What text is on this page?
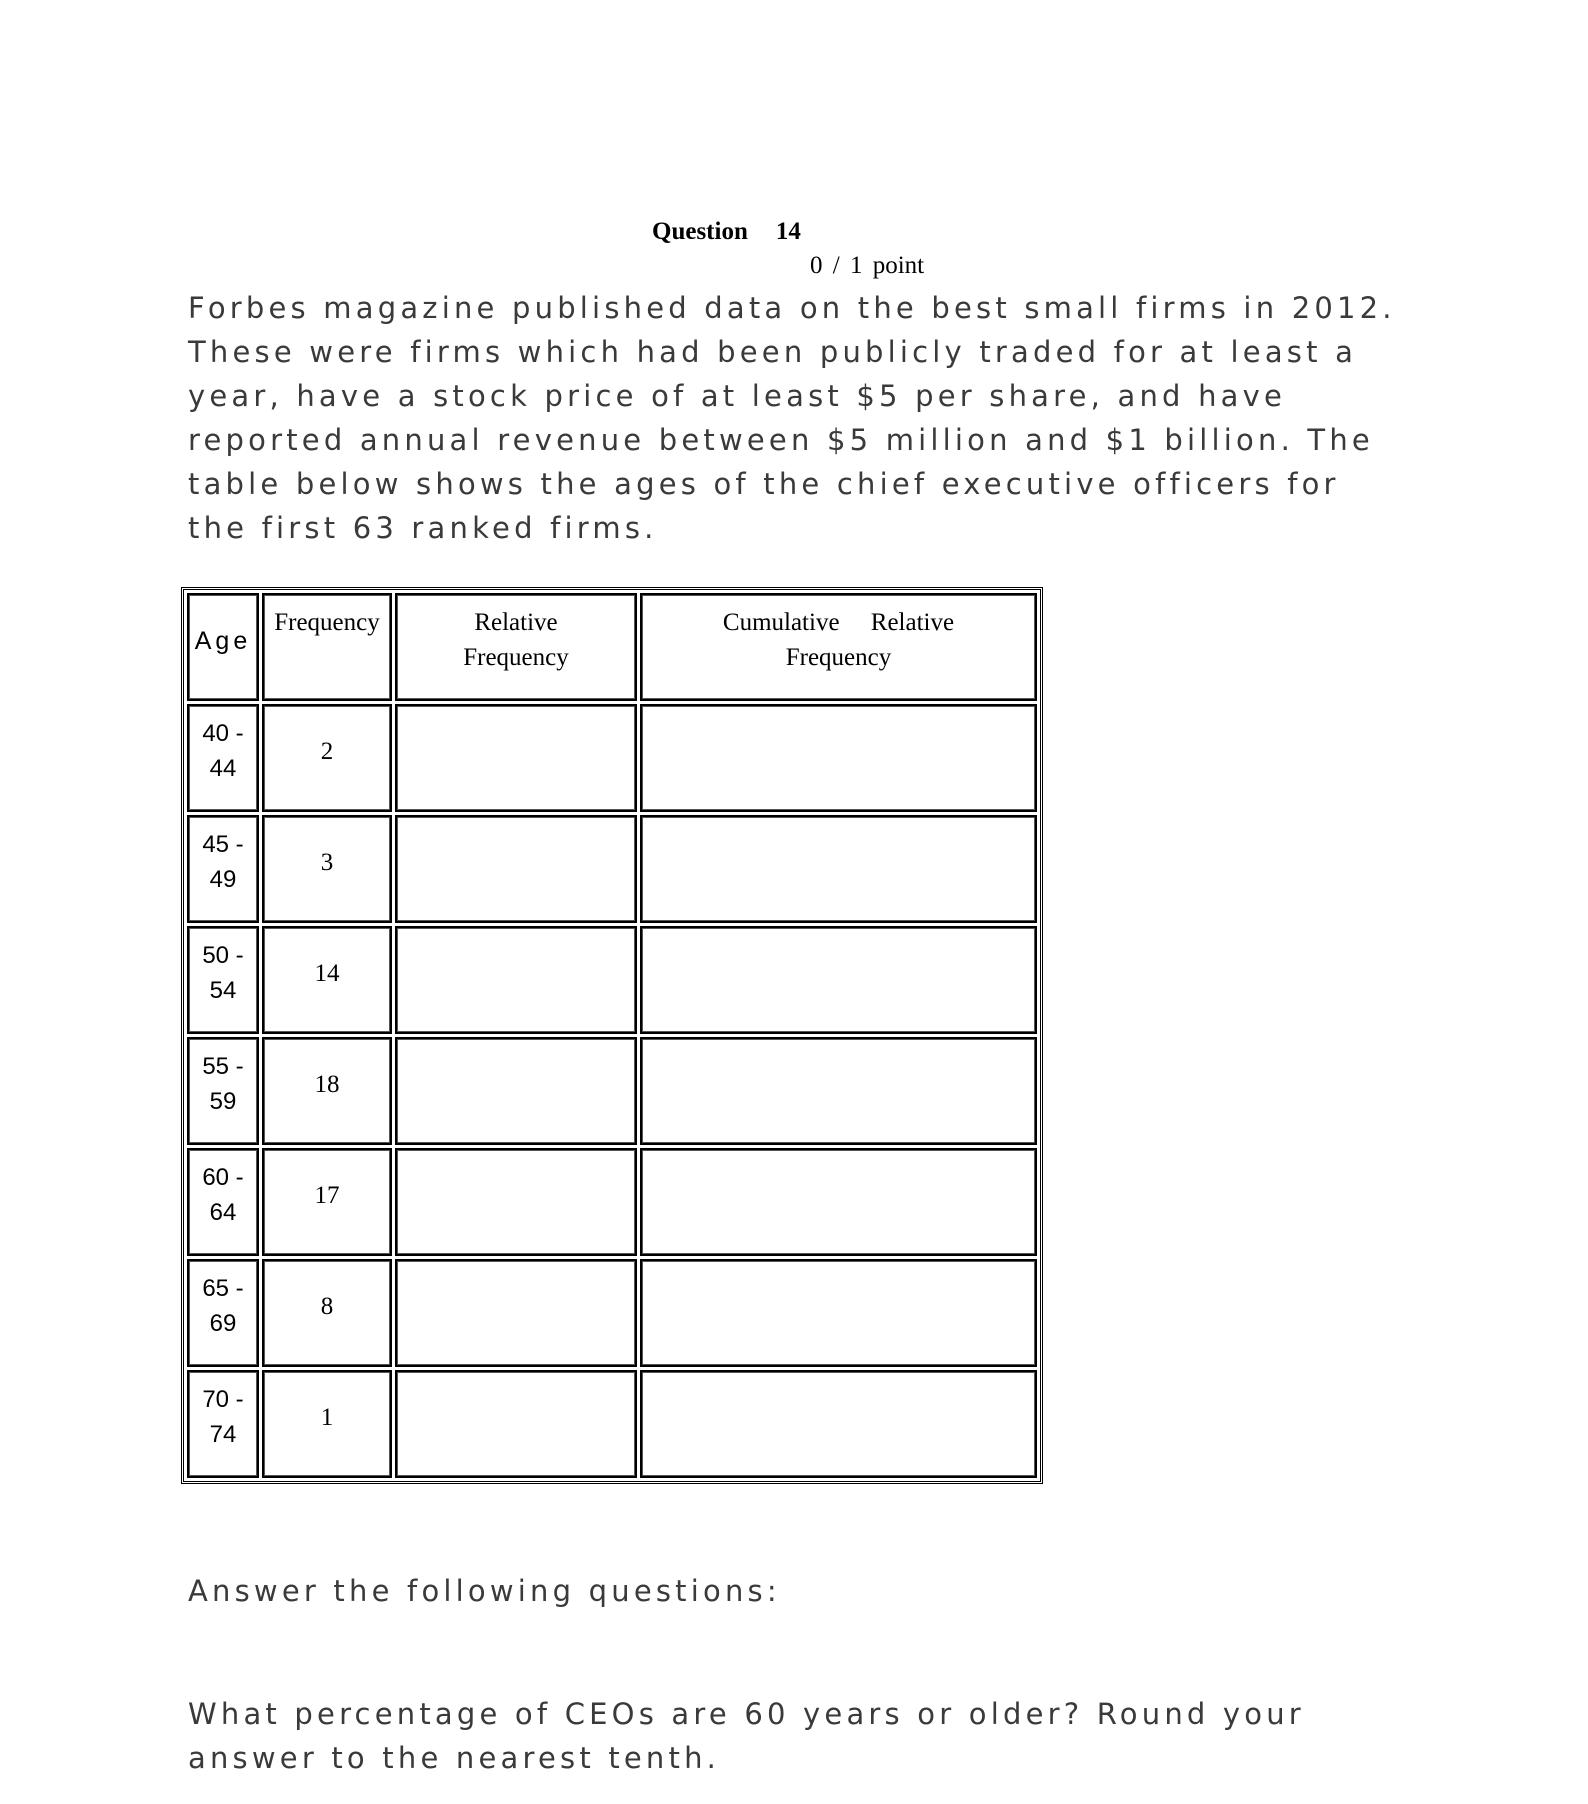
Question 14
0 / 1 point

Forbes magazine published data on the best small firms in 2012. These were firms which had been publicly traded for at least a year, have a stock price of at least $5 per share, and have reported annual revenue between $5 million and $1 billion. The table below shows the ages of the chief executive officers for the first 63 ranked firms.

Age	Frequency	Relative Frequency	Cumulative     Relative Frequency
40 - 44	2		
45 - 49	3		
50 - 54	14		
55 - 59	18		
60 - 64	17		
65 - 69	8		
70 - 74	1		

Answer the following questions:

What percentage of CEOs are 60 years or older? Round your answer to the nearest tenth.
